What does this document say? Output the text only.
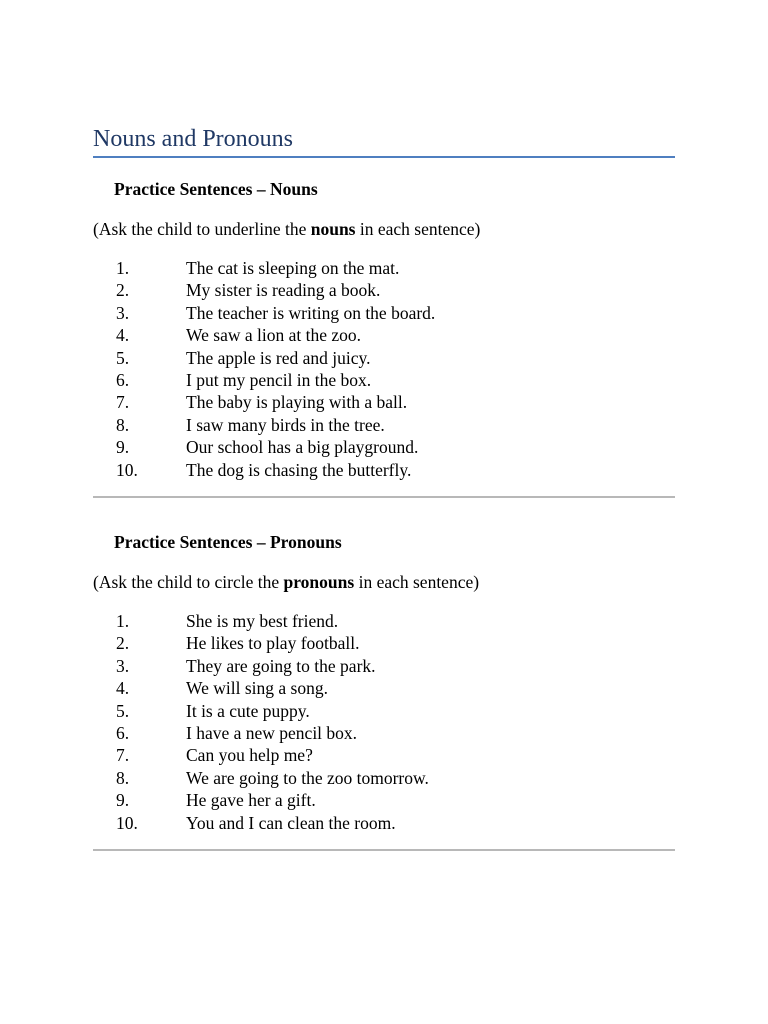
Nouns and Pronouns
Practice Sentences – Nouns

(Ask the child to underline the nouns in each sentence)

1.	The cat is sleeping on the mat.
2.	My sister is reading a book.
3.	The teacher is writing on the board.
4.	We saw a lion at the zoo.
5.	The apple is red and juicy.
6.	I put my pencil in the box.
7.	The baby is playing with a ball.
8.	I saw many birds in the tree.
9.	Our school has a big playground.
10.	The dog is chasing the butterfly.
Practice Sentences – Pronouns

(Ask the child to circle the pronouns in each sentence)

1.	She is my best friend.
2.	He likes to play football.
3.	They are going to the park.
4.	We will sing a song.
5.	It is a cute puppy.
6.	I have a new pencil box.
7.	Can you help me?
8.	We are going to the zoo tomorrow.
9.	He gave her a gift.
10.	You and I can clean the room.
